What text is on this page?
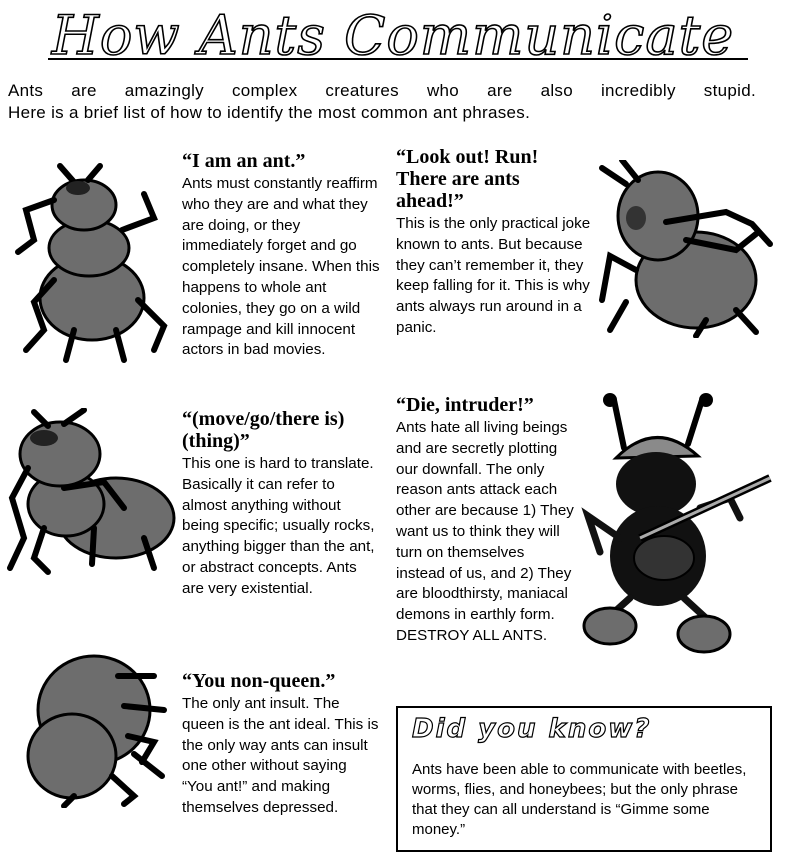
How Ants Communicate
Ants are amazingly complex creatures who are also incredibly stupid.
Here is a brief list of how to identify the most common ant phrases.

“I am an ant.”

Ants must constantly reaffirm who they are and what they are doing, or they immediately forget and go completely insane. When this happens to whole ant colonies, they go on a wild rampage and kill innocent actors in bad movies.

“(move/go/there is) (thing)”

This one is hard to translate. Basically it can refer to almost anything without being specific; usually rocks, anything bigger than the ant, or abstract concepts. Ants are very existential.

“You non-queen.”

The only ant insult. The queen is the ant ideal. This is the only way ants can insult one other without saying “You ant!” and making themselves depressed.

“Look out! Run! There are ants ahead!”

This is the only practical joke known to ants. But because they can’t remember it, they keep falling for it. This is why ants always run around in a panic.

“Die, intruder!”

Ants hate all living beings and are secretly plotting our downfall. The only reason ants attack each other are because 1) They want us to think they will turn on themselves instead of us, and 2) They are bloodthirsty, maniacal demons in earthly form. DESTROY ALL ANTS.

Did you know?

Ants have been able to communicate with beetles, worms, flies, and honeybees; but the only phrase that they can all understand is “Gimme some money.”
